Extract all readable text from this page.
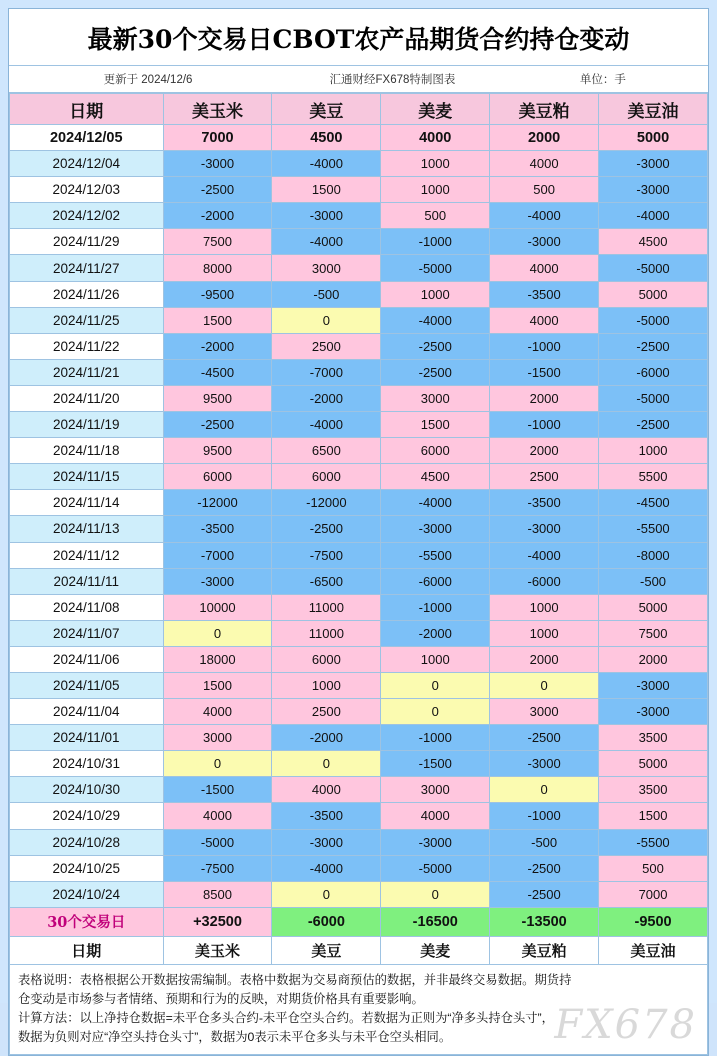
最新30个交易日CBOT农产品期货合约持仓变动
更新于 2024/12/6	汇通财经FX678特制图表	单位：手
日期	美玉米	美豆	美麦	美豆粕	美豆油
2024/12/05	7000	4500	4000	2000	5000
2024/12/04	-3000	-4000	1000	4000	-3000
2024/12/03	-2500	1500	1000	500	-3000
2024/12/02	-2000	-3000	500	-4000	-4000
2024/11/29	7500	-4000	-1000	-3000	4500
2024/11/27	8000	3000	-5000	4000	-5000
2024/11/26	-9500	-500	1000	-3500	5000
2024/11/25	1500	0	-4000	4000	-5000
2024/11/22	-2000	2500	-2500	-1000	-2500
2024/11/21	-4500	-7000	-2500	-1500	-6000
2024/11/20	9500	-2000	3000	2000	-5000
2024/11/19	-2500	-4000	1500	-1000	-2500
2024/11/18	9500	6500	6000	2000	1000
2024/11/15	6000	6000	4500	2500	5500
2024/11/14	-12000	-12000	-4000	-3500	-4500
2024/11/13	-3500	-2500	-3000	-3000	-5500
2024/11/12	-7000	-7500	-5500	-4000	-8000
2024/11/11	-3000	-6500	-6000	-6000	-500
2024/11/08	10000	11000	-1000	1000	5000
2024/11/07	0	11000	-2000	1000	7500
2024/11/06	18000	6000	1000	2000	2000
2024/11/05	1500	1000	0	0	-3000
2024/11/04	4000	2500	0	3000	-3000
2024/11/01	3000	-2000	-1000	-2500	3500
2024/10/31	0	0	-1500	-3000	5000
2024/10/30	-1500	4000	3000	0	3500
2024/10/29	4000	-3500	4000	-1000	1500
2024/10/28	-5000	-3000	-3000	-500	-5500
2024/10/25	-7500	-4000	-5000	-2500	500
2024/10/24	8500	0	0	-2500	7000
30个交易日	+32500	-6000	-16500	-13500	-9500
日期	美玉米	美豆	美麦	美豆粕	美豆油
表格说明：表格根据公开数据按需编制。表格中数据为交易商预估的数据，并非最终交易数据。期货持
仓变动是市场参与者情绪、预期和行为的反映，对期货价格具有重要影响。
计算方法：以上净持仓数据=未平仓多头合约-未平仓空头合约。若数据为正则为“净多头持仓头寸”，
数据为负则对应“净空头持仓头寸”，数据为0表示未平仓多头与未平仓空头相同。	FX678
